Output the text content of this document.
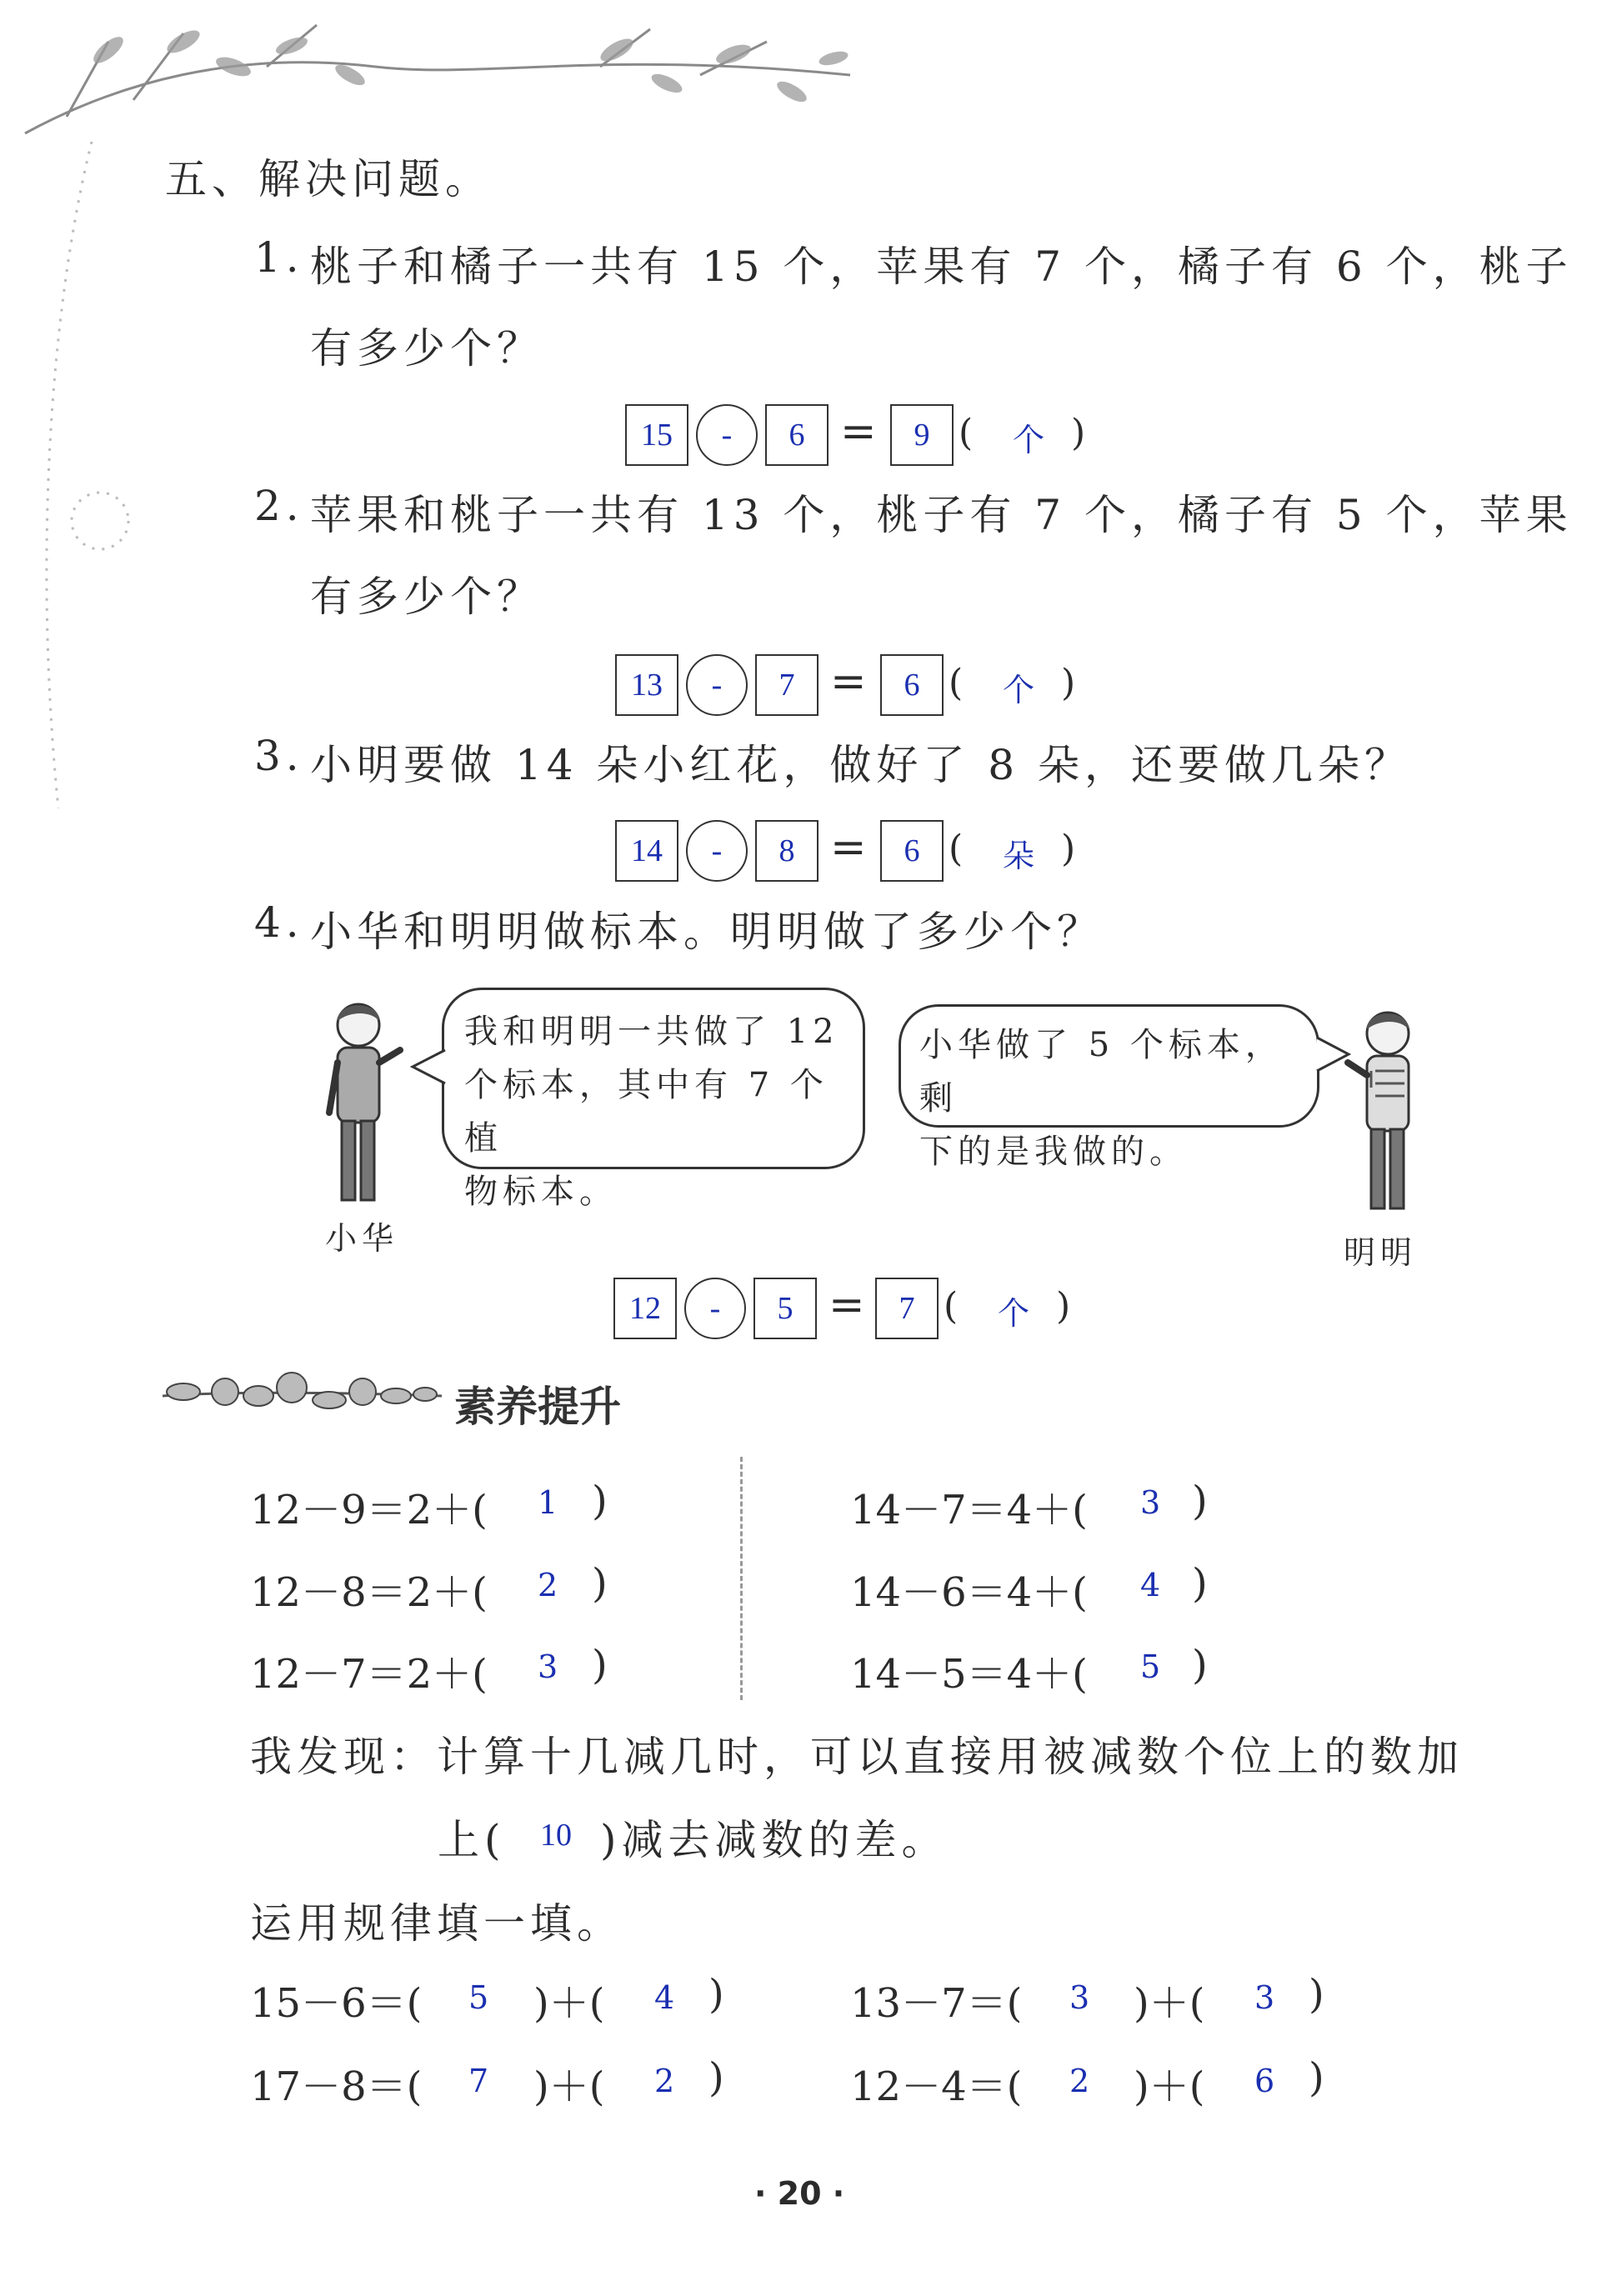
五、解决问题。
1. 桃子和橘子一共有 15 个，苹果有 7 个，橘子有 6 个，桃子
有多少个？
15	-	6 =	9 ( 个 )
2. 苹果和桃子一共有 13 个，桃子有 7 个，橘子有 5 个，苹果
有多少个？
13	-	7 =	6 ( 个 )
3. 小明要做 14 朵小红花，做好了 8 朵，还要做几朵？
14	-	8 =	6 ( 朵 )
4. 小华和明明做标本。明明做了多少个？
小华
我和明明一共做了 12
个标本，其中有 7 个植
物标本。
小华做了 5 个标本，剩
下的是我做的。
明明
12	-	5 =	7 ( 个 )
素养提升
12－9＝2＋( 1 )
12－8＝2＋( 2 )
12－7＝2＋( 3 )
14－7＝4＋( 3 )
14－6＝4＋( 4 )
14－5＝4＋( 5 )
我发现：计算十几减几时，可以直接用被减数个位上的数加
上( 10 )减去减数的差。
运用规律填一填。
15－6＝( 5 )＋( 4 )	13－7＝( 3 )＋( 3 )
17－8＝( 7 )＋( 2 )	12－4＝( 2 )＋( 6 )
· 20 ·
